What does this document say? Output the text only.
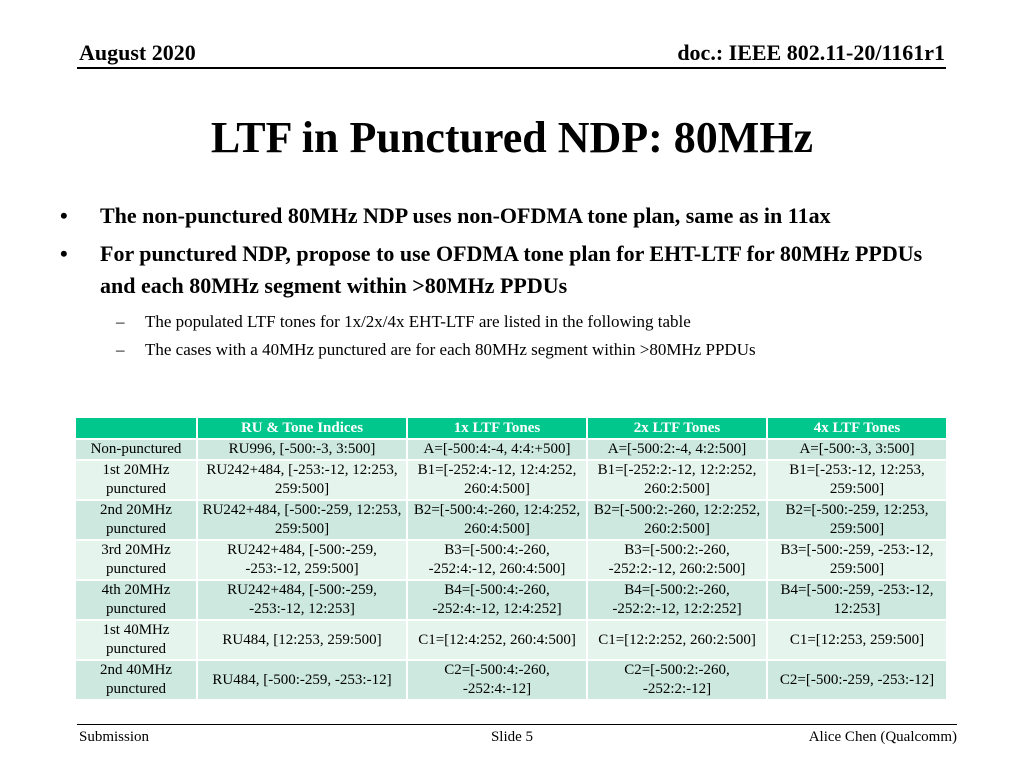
August 2020	doc.: IEEE 802.11-20/1161r1
LTF in Punctured NDP: 80MHz
• The non-punctured 80MHz NDP uses non-OFDMA tone plan, same as in 11ax
• For punctured NDP, propose to use OFDMA tone plan for EHT-LTF for 80MHz PPDUs and each 80MHz segment within >80MHz PPDUs
– The populated LTF tones for 1x/2x/4x EHT-LTF are listed in the following table
– The cases with a 40MHz punctured are for each 80MHz segment within >80MHz PPDUs
	RU & Tone Indices	1x LTF Tones	2x LTF Tones	4x LTF Tones
Non-punctured	RU996, [-500:-3, 3:500]	A=[-500:4:-4, 4:4:+500]	A=[-500:2:-4, 4:2:500]	A=[-500:-3, 3:500]
1st 20MHz punctured	RU242+484, [-253:-12, 12:253, 259:500]	B1=[-252:4:-12, 12:4:252, 260:4:500]	B1=[-252:2:-12, 12:2:252, 260:2:500]	B1=[-253:-12, 12:253, 259:500]
2nd 20MHz punctured	RU242+484, [-500:-259, 12:253, 259:500]	B2=[-500:4:-260, 12:4:252, 260:4:500]	B2=[-500:2:-260, 12:2:252, 260:2:500]	B2=[-500:-259, 12:253, 259:500]
3rd 20MHz punctured	RU242+484, [-500:-259, -253:-12, 259:500]	B3=[-500:4:-260, -252:4:-12, 260:4:500]	B3=[-500:2:-260, -252:2:-12, 260:2:500]	B3=[-500:-259, -253:-12, 259:500]
4th 20MHz punctured	RU242+484, [-500:-259, -253:-12, 12:253]	B4=[-500:4:-260, -252:4:-12, 12:4:252]	B4=[-500:2:-260, -252:2:-12, 12:2:252]	B4=[-500:-259, -253:-12, 12:253]
1st 40MHz punctured	RU484, [12:253, 259:500]	C1=[12:4:252, 260:4:500]	C1=[12:2:252, 260:2:500]	C1=[12:253, 259:500]
2nd 40MHz punctured	RU484, [-500:-259, -253:-12]	C2=[-500:4:-260, -252:4:-12]	C2=[-500:2:-260, -252:2:-12]	C2=[-500:-259, -253:-12]
Submission	Slide 5	Alice Chen (Qualcomm)
